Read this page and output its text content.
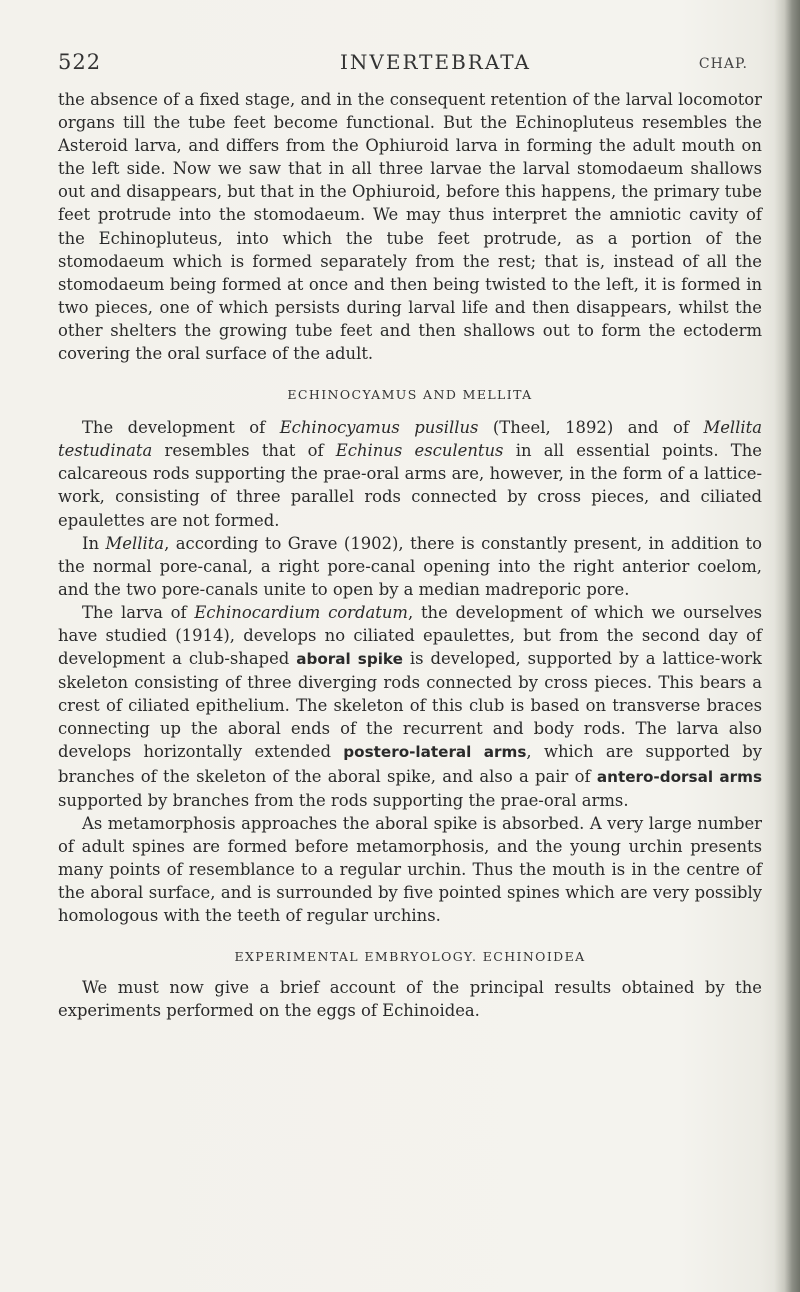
522	INVERTEBRATA	CHAP.

the absence of a fixed stage, and in the consequent retention of the larval locomotor organs till the tube feet become functional. But the Echinopluteus resembles the Asteroid larva, and differs from the Ophiuroid larva in forming the adult mouth on the left side. Now we saw that in all three larvae the larval stomodaeum shallows out and disappears, but that in the Ophiuroid, before this happens, the primary tube feet protrude into the stomodaeum. We may thus interpret the amniotic cavity of the Echinopluteus, into which the tube feet protrude, as a portion of the stomodaeum which is formed separately from the rest; that is, instead of all the stomodaeum being formed at once and then being twisted to the left, it is formed in two pieces, one of which persists during larval life and then disappears, whilst the other shelters the growing tube feet and then shallows out to form the ectoderm covering the oral surface of the adult.

ECHINOCYAMUS AND MELLITA

The development of Echinocyamus pusillus (Theel, 1892) and of Mellita testudinata resembles that of Echinus esculentus in all essential points. The calcareous rods supporting the prae-oral arms are, however, in the form of a lattice-work, consisting of three parallel rods connected by cross pieces, and ciliated epaulettes are not formed.

In Mellita, according to Grave (1902), there is constantly present, in addition to the normal pore-canal, a right pore-canal opening into the right anterior coelom, and the two pore-canals unite to open by a median madreporic pore.

The larva of Echinocardium cordatum, the development of which we ourselves have studied (1914), develops no ciliated epaulettes, but from the second day of development a club-shaped aboral spike is developed, supported by a lattice-work skeleton consisting of three diverging rods connected by cross pieces. This bears a crest of ciliated epithelium. The skeleton of this club is based on transverse braces connecting up the aboral ends of the recurrent and body rods. The larva also develops horizontally extended postero-lateral arms, which are supported by branches of the skeleton of the aboral spike, and also a pair of antero-dorsal arms supported by branches from the rods supporting the prae-oral arms.

As metamorphosis approaches the aboral spike is absorbed. A very large number of adult spines are formed before metamorphosis, and the young urchin presents many points of resemblance to a regular urchin. Thus the mouth is in the centre of the aboral surface, and is surrounded by five pointed spines which are very possibly homologous with the teeth of regular urchins.

EXPERIMENTAL EMBRYOLOGY. ECHINOIDEA

We must now give a brief account of the principal results obtained by the experiments performed on the eggs of Echinoidea.
